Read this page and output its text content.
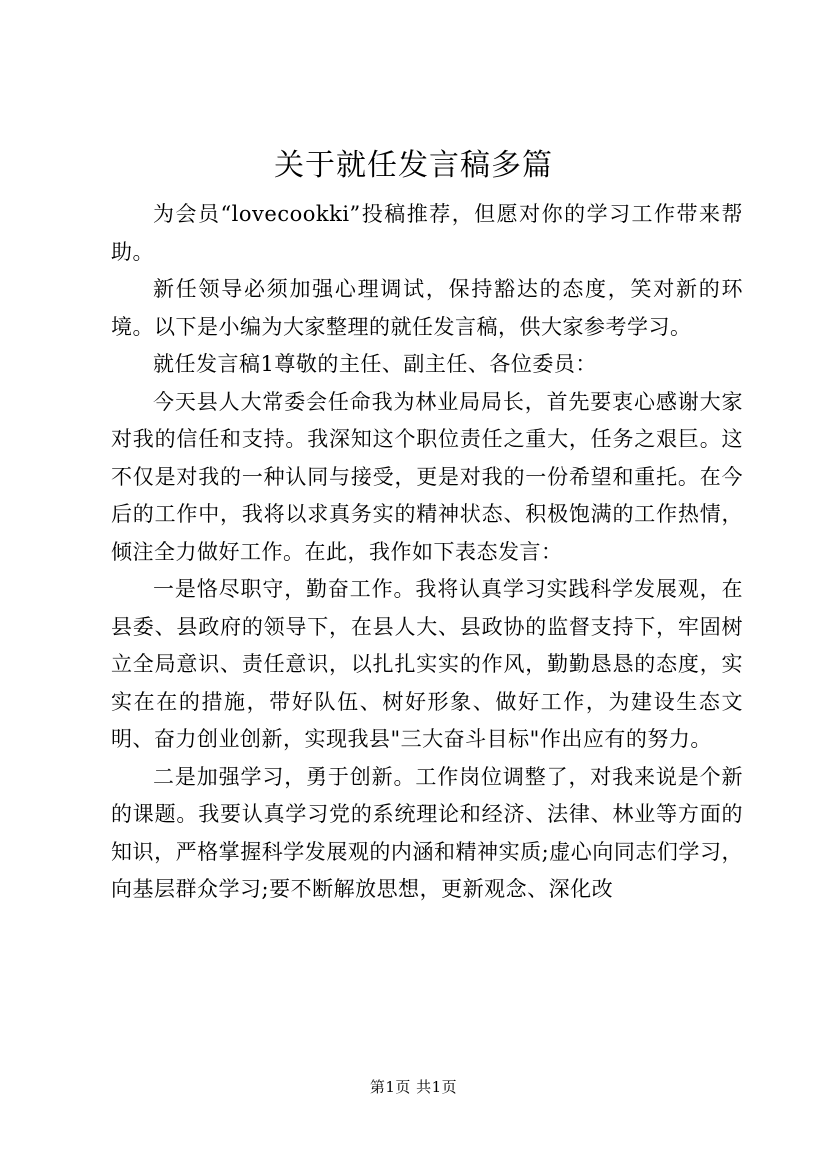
关于就任发言稿多篇

为会员“lovecookki”投稿推荐，但愿对你的学习工作带来帮助。

新任领导必须加强心理调试，保持豁达的态度，笑对新的环境。以下是小编为大家整理的就任发言稿，供大家参考学习。

就任发言稿1尊敬的主任、副主任、各位委员：

今天县人大常委会任命我为林业局局长，首先要衷心感谢大家对我的信任和支持。我深知这个职位责任之重大，任务之艰巨。这不仅是对我的一种认同与接受，更是对我的一份希望和重托。在今后的工作中，我将以求真务实的精神状态、积极饱满的工作热情，倾注全力做好工作。在此，我作如下表态发言：

一是恪尽职守，勤奋工作。我将认真学习实践科学发展观，在县委、县政府的领导下，在县人大、县政协的监督支持下，牢固树立全局意识、责任意识，以扎扎实实的作风，勤勤恳恳的态度，实实在在的措施，带好队伍、树好形象、做好工作，为建设生态文明、奋力创业创新，实现我县"三大奋斗目标"作出应有的努力。

二是加强学习，勇于创新。工作岗位调整了，对我来说是个新的课题。我要认真学习党的系统理论和经济、法律、林业等方面的知识，严格掌握科学发展观的内涵和精神实质;虚心向同志们学习，向基层群众学习;要不断解放思想，更新观念、深化改

第1页 共1页
